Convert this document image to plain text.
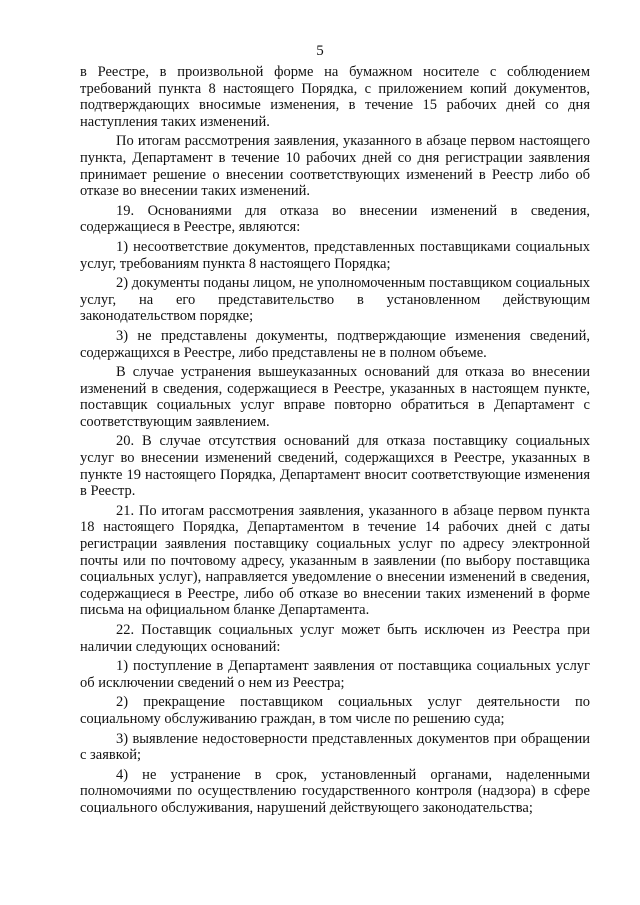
5

в Реестре, в произвольной форме на бумажном носителе с соблюдением требований пункта 8 настоящего Порядка, с приложением копий документов, подтверждающих вносимые изменения, в течение 15 рабочих дней со дня наступления таких изменений.

По итогам рассмотрения заявления, указанного в абзаце первом настоящего пункта, Департамент в течение 10 рабочих дней со дня регистрации заявления принимает решение о внесении соответствующих изменений в Реестр либо об отказе во внесении таких изменений.

19. Основаниями для отказа во внесении изменений в сведения, содержащиеся в Реестре, являются:

1) несоответствие документов, представленных поставщиками социальных услуг, требованиям пункта 8 настоящего Порядка;

2) документы поданы лицом, не уполномоченным поставщиком социальных услуг, на его представительство в установленном действующим законодательством порядке;

3) не представлены документы, подтверждающие изменения сведений, содержащихся в Реестре, либо представлены не в полном объеме.

В случае устранения вышеуказанных оснований для отказа во внесении изменений в сведения, содержащиеся в Реестре, указанных в настоящем пункте, поставщик социальных услуг вправе повторно обратиться в Департамент с соответствующим заявлением.

20. В случае отсутствия оснований для отказа поставщику социальных услуг во внесении изменений сведений, содержащихся в Реестре, указанных в пункте 19 настоящего Порядка, Департамент вносит соответствующие изменения в Реестр.

21. По итогам рассмотрения заявления, указанного в абзаце первом пункта 18 настоящего Порядка, Департаментом в течение 14 рабочих дней с даты регистрации заявления поставщику социальных услуг по адресу электронной почты или по почтовому адресу, указанным в заявлении (по выбору поставщика социальных услуг), направляется уведомление о внесении изменений в сведения, содержащиеся в Реестре, либо об отказе во внесении таких изменений в форме письма на официальном бланке Департамента.

22. Поставщик социальных услуг может быть исключен из Реестра при наличии следующих оснований:

1) поступление в Департамент заявления от поставщика социальных услуг об исключении сведений о нем из Реестра;

2) прекращение поставщиком социальных услуг деятельности по социальному обслуживанию граждан, в том числе по решению суда;

3) выявление недостоверности представленных документов при обращении с заявкой;

4) не устранение в срок, установленный органами, наделенными полномочиями по осуществлению государственного контроля (надзора) в сфере социального обслуживания, нарушений действующего законодательства;
